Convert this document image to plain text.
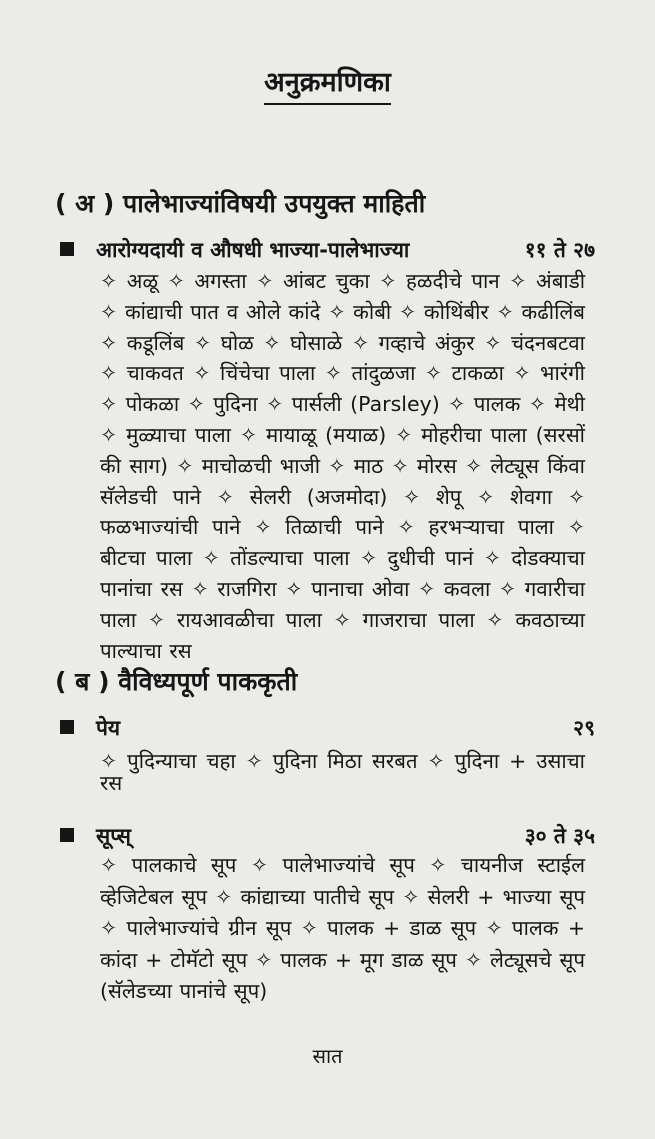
अनुक्रमणिका
( अ ) पालेभाज्यांविषयी उपयुक्त माहिती
आरोग्यदायी व औषधी भाज्या-पालेभाज्या	११ ते २७
✧ अळू ✧ अगस्ता ✧ आंबट चुका ✧ हळदीचे पान ✧ अंबाडी ✧ कांद्याची पात व ओले कांदे ✧ कोबी ✧ कोथिंबीर ✧ कढीलिंब ✧ कडूलिंब ✧ घोळ ✧ घोसाळे ✧ गव्हाचे अंकुर ✧ चंदनबटवा ✧ चाकवत ✧ चिंचेचा पाला ✧ तांदुळजा ✧ टाकळा ✧ भारंगी ✧ पोकळा ✧ पुदिना ✧ पार्सली (Parsley) ✧ पालक ✧ मेथी ✧ मुळ्याचा पाला ✧ मायाळू (मयाळ) ✧ मोहरीचा पाला (सरसों की साग) ✧ माचोळची भाजी ✧ माठ ✧ मोरस ✧ लेट्यूस किंवा सॅलेडची पाने ✧ सेलरी (अजमोदा) ✧ शेपू ✧ शेवगा ✧ फळभाज्यांची पाने ✧ तिळाची पाने ✧ हरभऱ्याचा पाला ✧ बीटचा पाला ✧ तोंडल्याचा पाला ✧ दुधीची पानं ✧ दोडक्याचा पानांचा रस ✧ राजगिरा ✧ पानाचा ओवा ✧ कवला ✧ गवारीचा पाला ✧ रायआवळीचा पाला ✧ गाजराचा पाला ✧ कवठाच्या पाल्याचा रस
( ब ) वैविध्यपूर्ण पाककृती
पेय	२९
✧ पुदिन्याचा चहा ✧ पुदिना मिठा सरबत ✧ पुदिना + उसाचा रस
सूप्स्	३० ते ३५
✧ पालकाचे सूप ✧ पालेभाज्यांचे सूप ✧ चायनीज स्टाईल व्हेजिटेबल सूप ✧ कांद्याच्या पातीचे सूप ✧ सेलरी + भाज्या सूप ✧ पालेभाज्यांचे ग्रीन सूप ✧ पालक + डाळ सूप ✧ पालक + कांदा + टोमॅटो सूप ✧ पालक + मूग डाळ सूप ✧ लेट्यूसचे सूप (सॅलेडच्या पानांचे सूप)
सात
